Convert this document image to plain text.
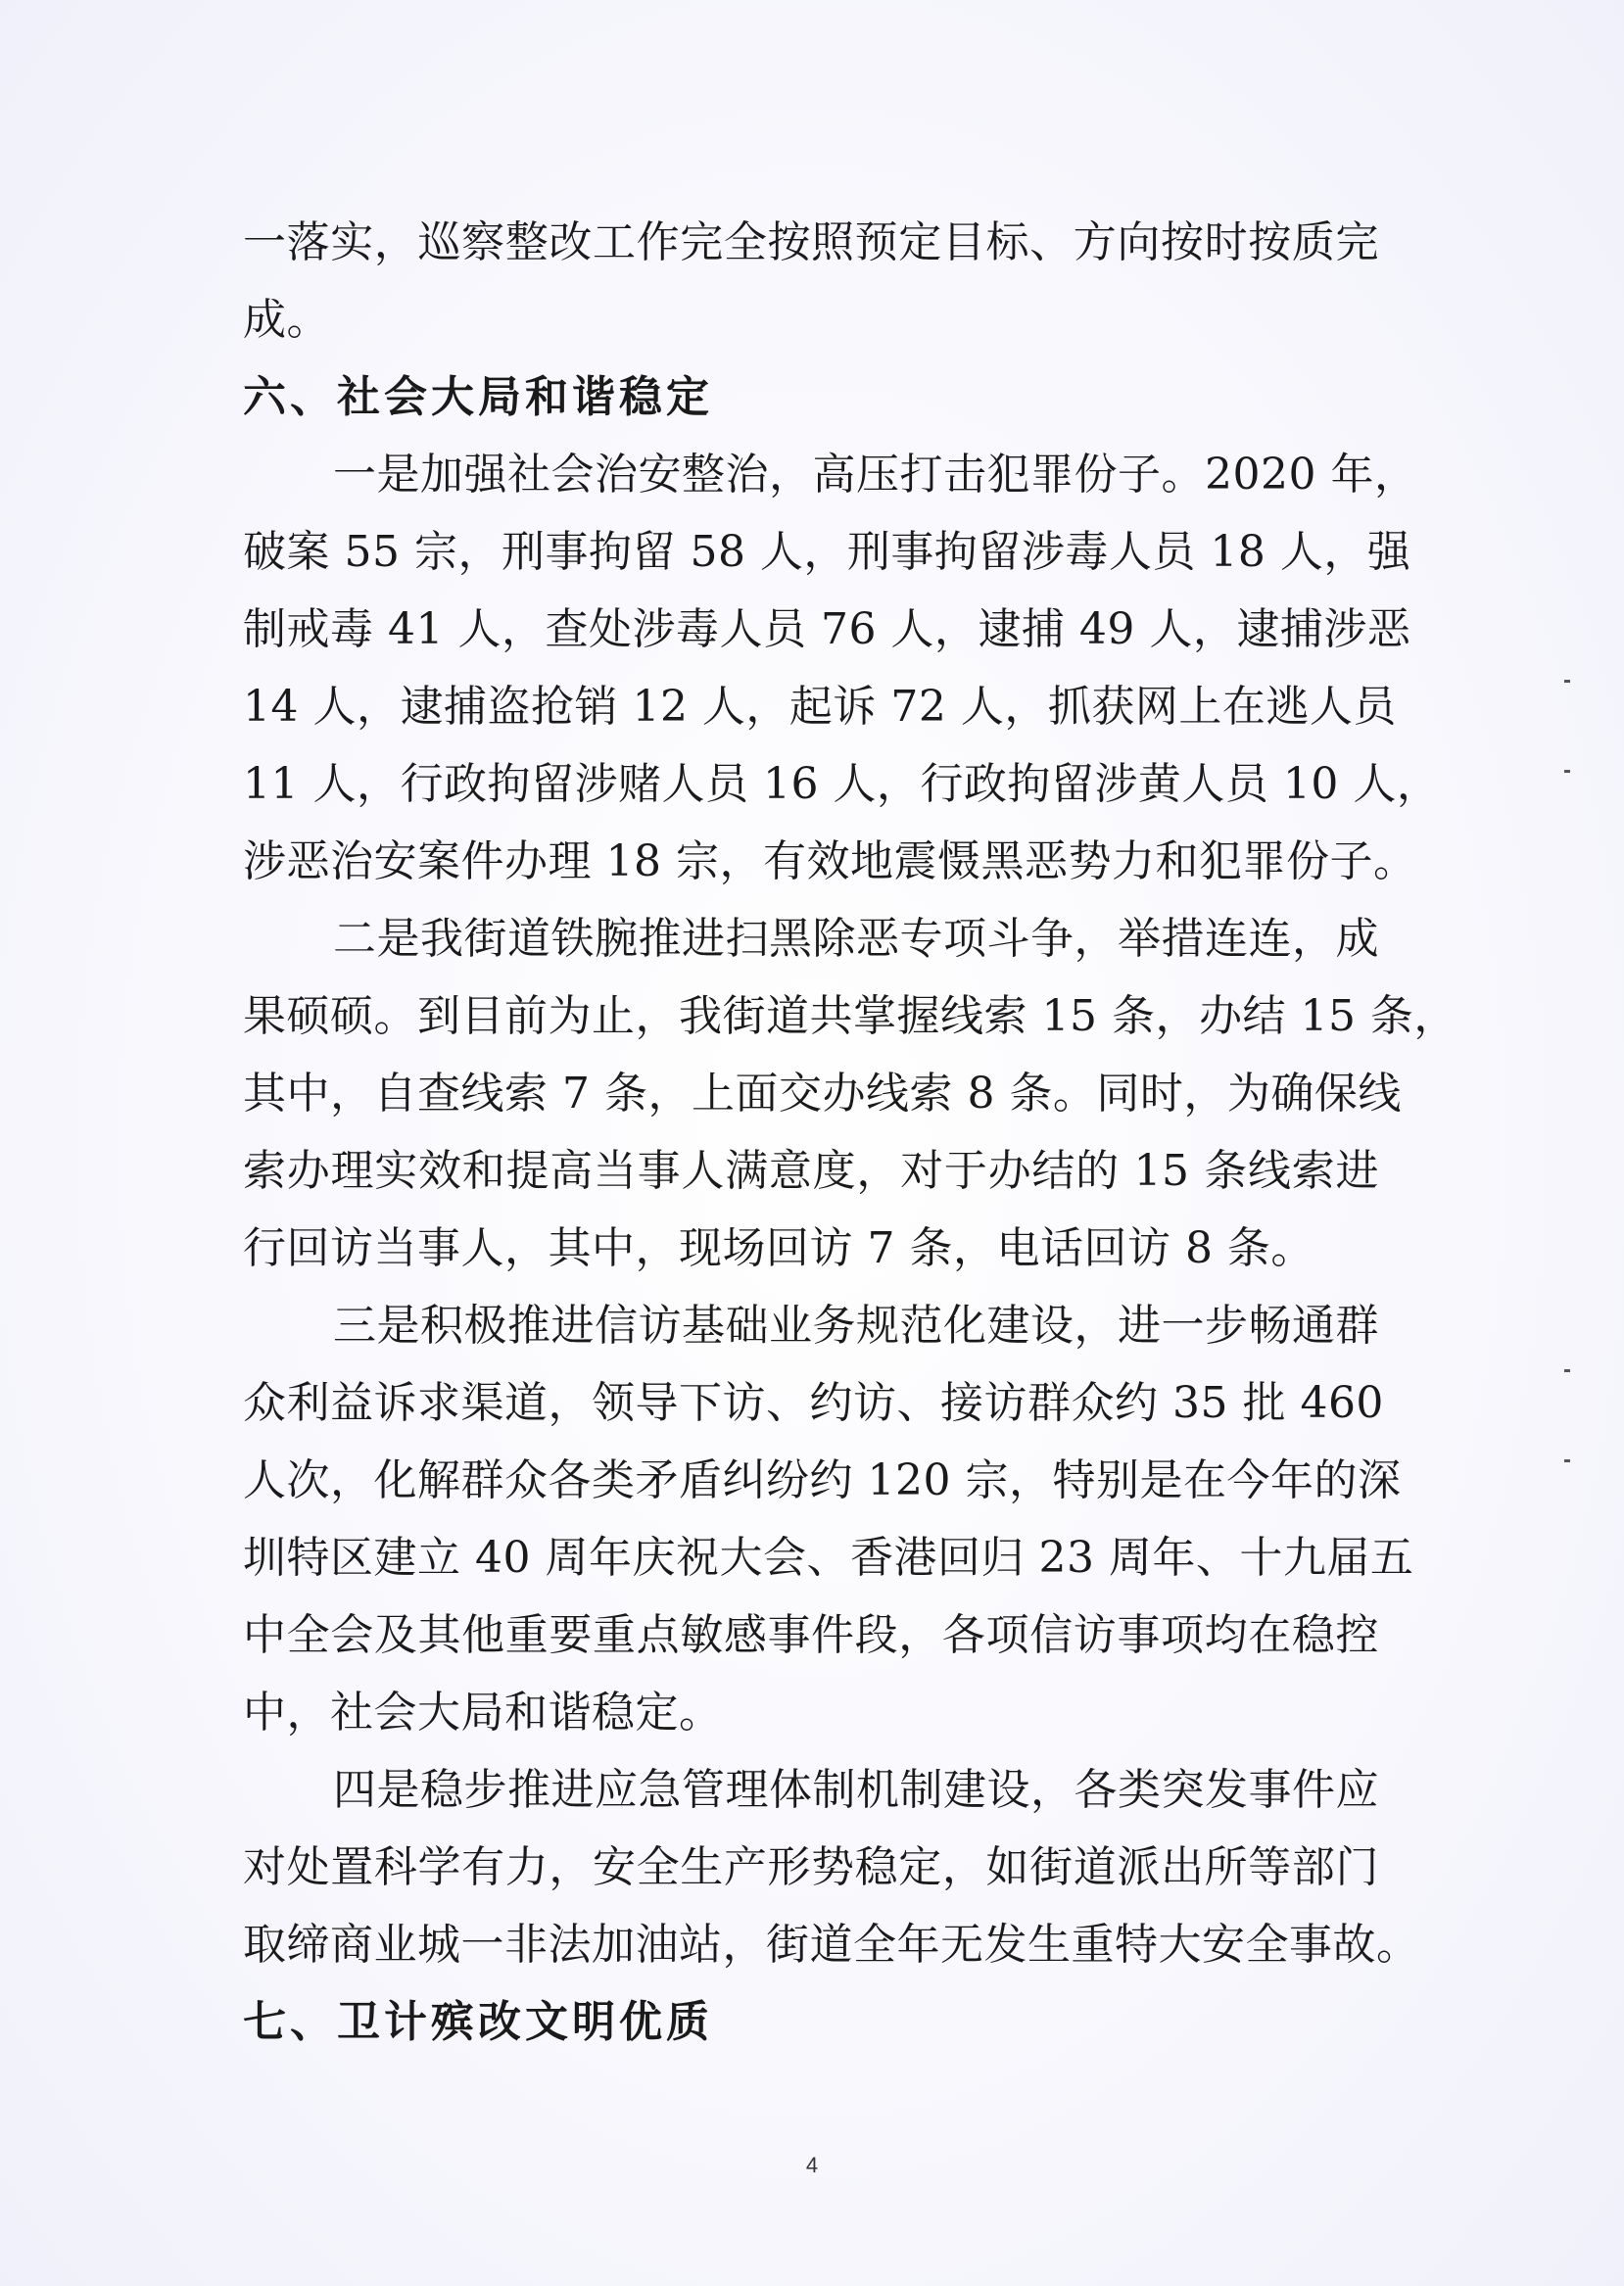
一落实，巡察整改工作完全按照预定目标、方向按时按质完
成。
六、社会大局和谐稳定
一是加强社会治安整治，高压打击犯罪份子。2020 年，
破案 55 宗，刑事拘留 58 人，刑事拘留涉毒人员 18 人，强
制戒毒 41 人，查处涉毒人员 76 人，逮捕 49 人，逮捕涉恶
14 人，逮捕盗抢销 12 人，起诉 72 人，抓获网上在逃人员
11 人，行政拘留涉赌人员 16 人，行政拘留涉黄人员 10 人，
涉恶治安案件办理 18 宗，有效地震慑黑恶势力和犯罪份子。
二是我街道铁腕推进扫黑除恶专项斗争，举措连连，成
果硕硕。到目前为止，我街道共掌握线索 15 条，办结 15 条，
其中，自查线索 7 条，上面交办线索 8 条。同时，为确保线
索办理实效和提高当事人满意度，对于办结的 15 条线索进
行回访当事人，其中，现场回访 7 条，电话回访 8 条。
三是积极推进信访基础业务规范化建设，进一步畅通群
众利益诉求渠道，领导下访、约访、接访群众约 35 批 460
人次，化解群众各类矛盾纠纷约 120 宗，特别是在今年的深
圳特区建立 40 周年庆祝大会、香港回归 23 周年、十九届五
中全会及其他重要重点敏感事件段，各项信访事项均在稳控
中，社会大局和谐稳定。
四是稳步推进应急管理体制机制建设，各类突发事件应
对处置科学有力，安全生产形势稳定，如街道派出所等部门
取缔商业城一非法加油站，街道全年无发生重特大安全事故。
七、卫计殡改文明优质
4
